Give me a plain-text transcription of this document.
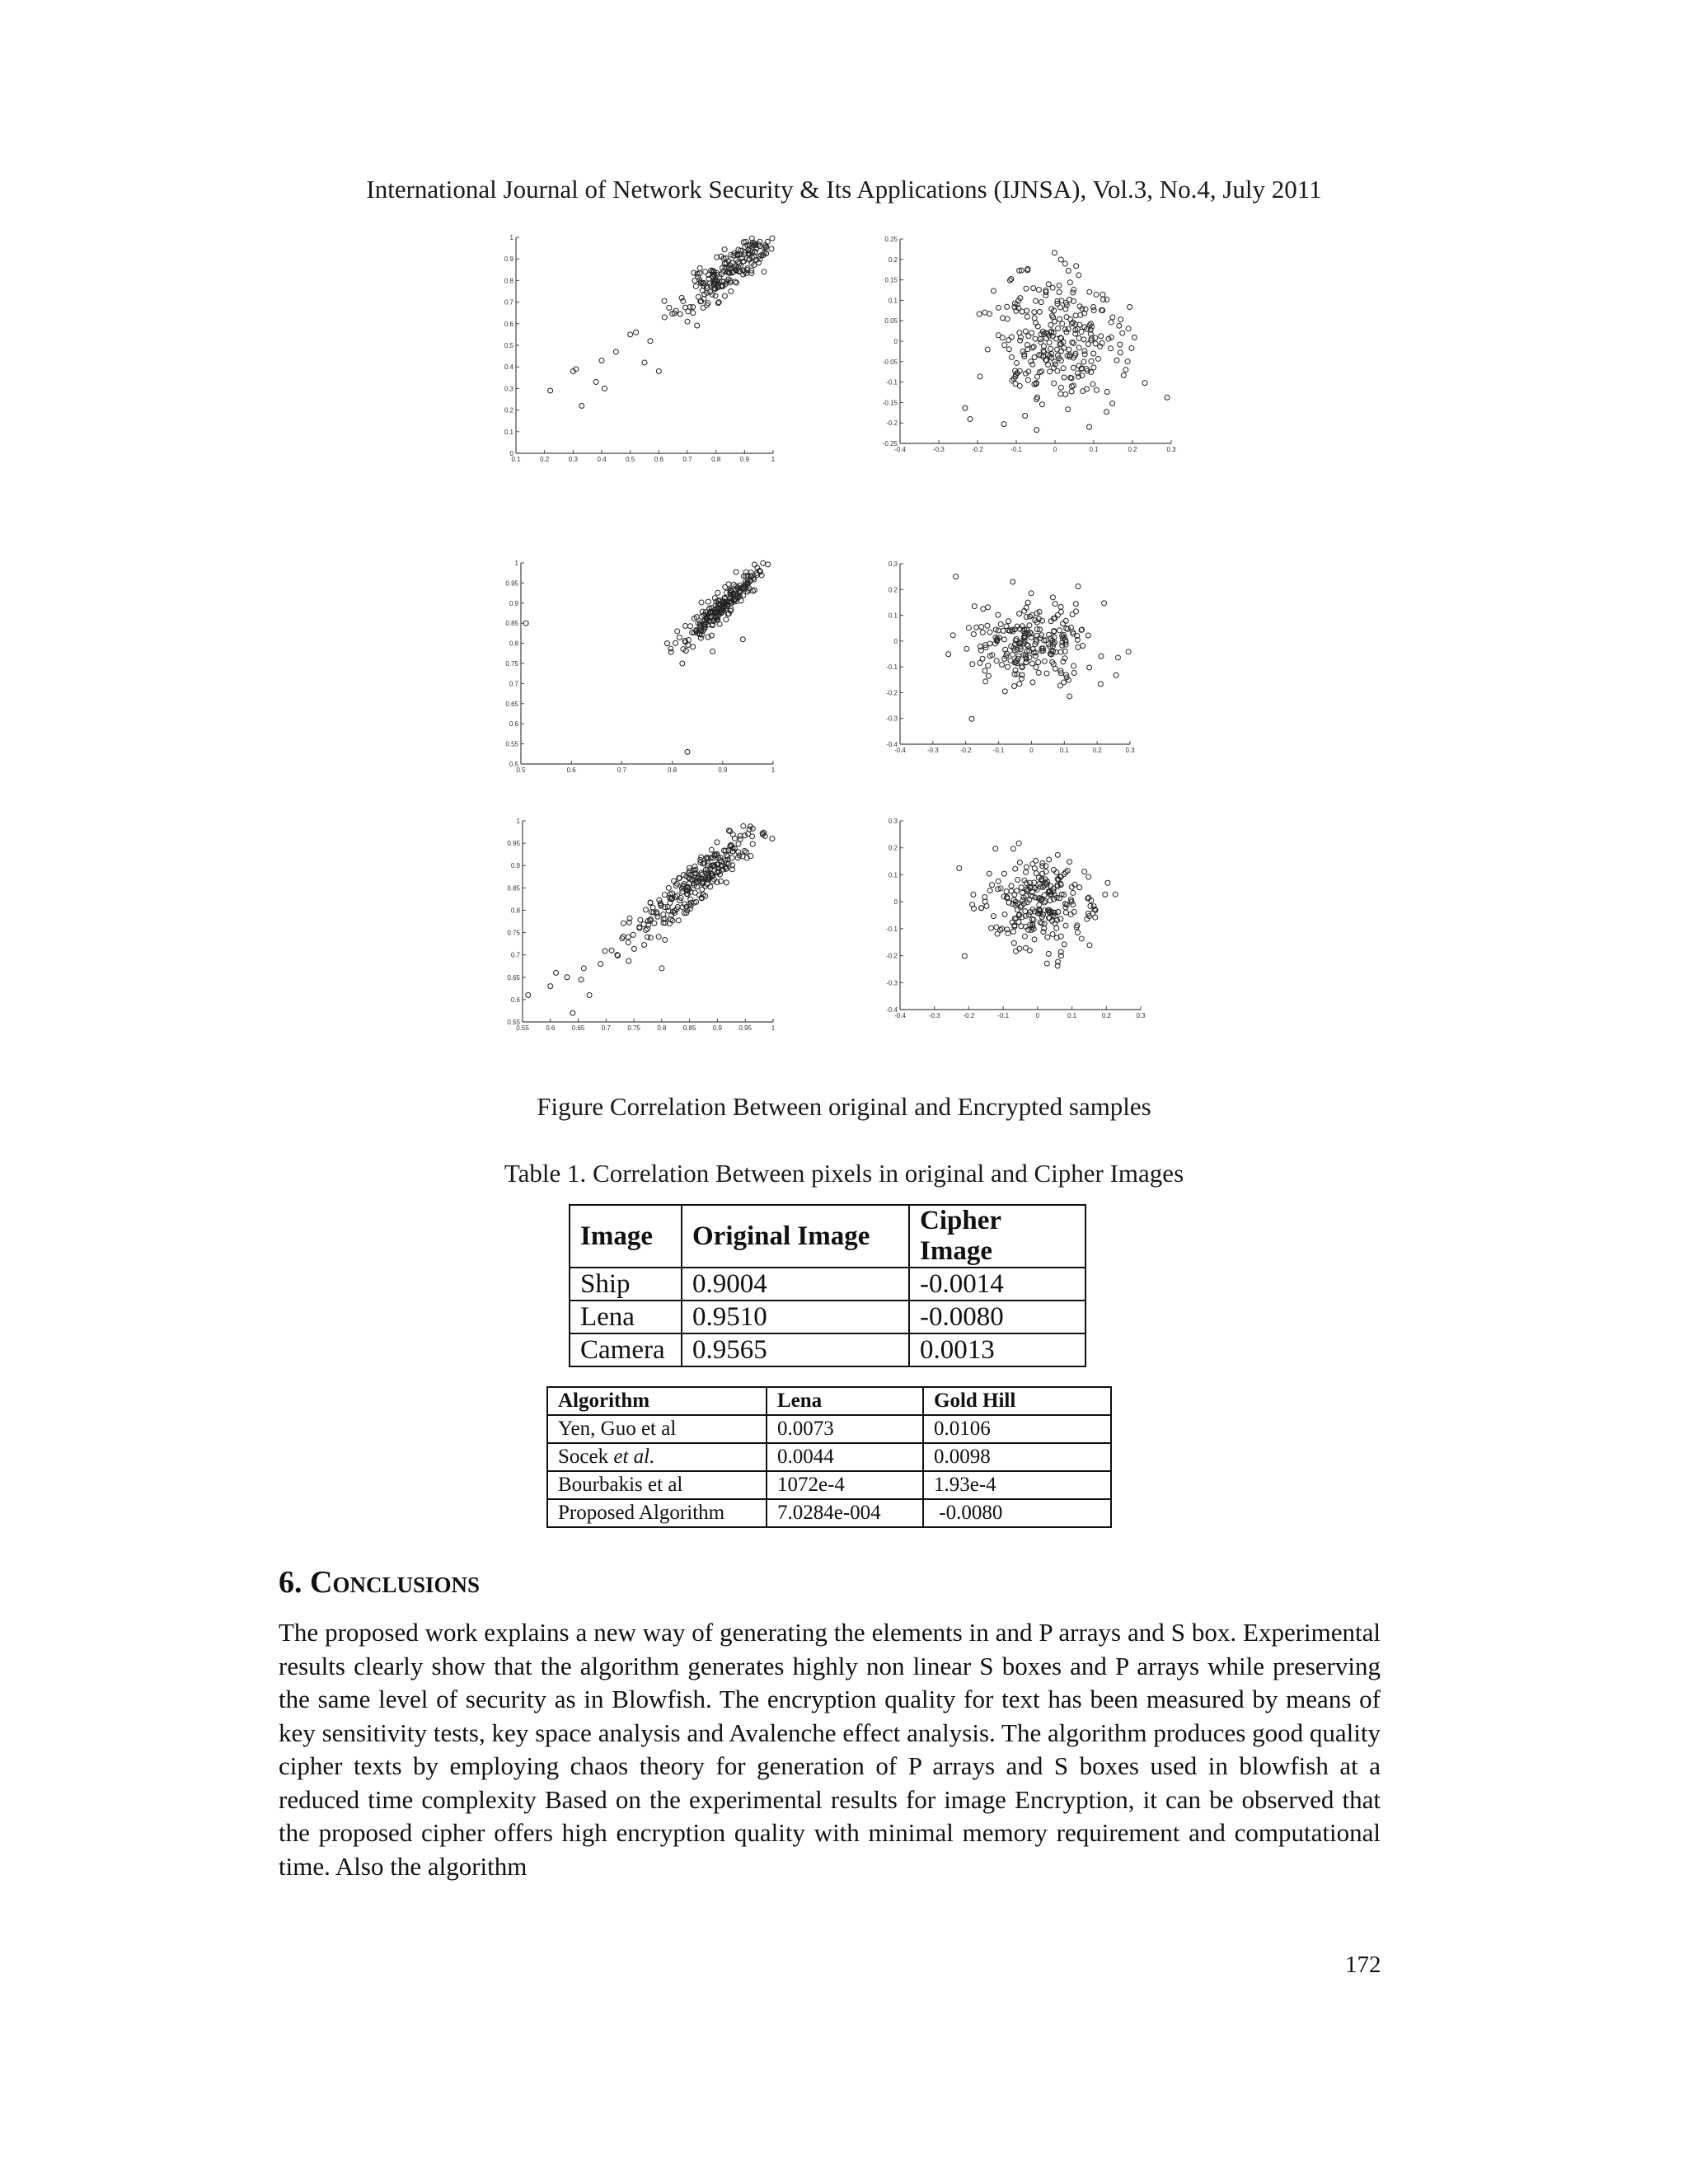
International Journal of Network Security & Its Applications (IJNSA), Vol.3, No.4, July 2011
0
0.1
0.2
0.3
0.4
0.5
0.6
0.7
0.8
0.9
1
0.1	0.2	0.3	0.4	0.5	0.6	0.7	0.8	0.9	1
-0.25
-0.2
-0.15
-0.1
-0.05
0
0.05
0.1
0.15
0.2
0.25
-0.4	-0.3	-0.2	-0.1	0	0.1	0.2	0.3
0.5
0.55
0.6
0.65
0.7
0.75
0.8
0.85
0.9
0.95
1
0.5	0.6	0.7	0.8	0.9	1
-0.4
-0.3
-0.2
-0.1
0
0.1
0.2
0.3
-0.4	-0.3	-0.2	-0.1	0	0.1	0.2	0.3
0.55
0.6
0.65
0.7
0.75
0.8
0.85
0.9
0.95
1
0.55	0.6	0.65	0.7	0.75	0.8	0.85	0.9	0.95	1
-0.4
-0.3
-0.2
-0.1
0
0.1
0.2
0.3
-0.4	-0.3	-0.2	-0.1	0	0.1	0.2	0.3
Figure Correlation Between original and Encrypted samples
Table 1. Correlation Between pixels in original and Cipher Images
Image	Original Image	Cipher Image
Ship	0.9004	-0.0014
Lena	0.9510	-0.0080
Camera	0.9565	0.0013
Algorithm	Lena	Gold Hill
Yen, Guo et al	0.0073	0.0106
Socek et al.	0.0044	0.0098
Bourbakis et al	1072e-4	1.93e-4
Proposed Algorithm	7.0284e-004	-0.0080
6. Conclusions

The proposed work explains a new way of generating the elements in and P arrays and S box. Experimental results clearly show that the algorithm generates highly non linear S boxes and P arrays while preserving the same level of security as in Blowfish. The encryption quality for text has been measured by means of key sensitivity tests, key space analysis and Avalenche effect analysis. The algorithm produces good quality cipher texts by employing chaos theory for generation of P arrays and S boxes used in blowfish at a reduced time complexity Based on the experimental results for image Encryption, it can be observed that the proposed cipher offers high encryption quality with minimal memory requirement and computational time. Also the algorithm

172
